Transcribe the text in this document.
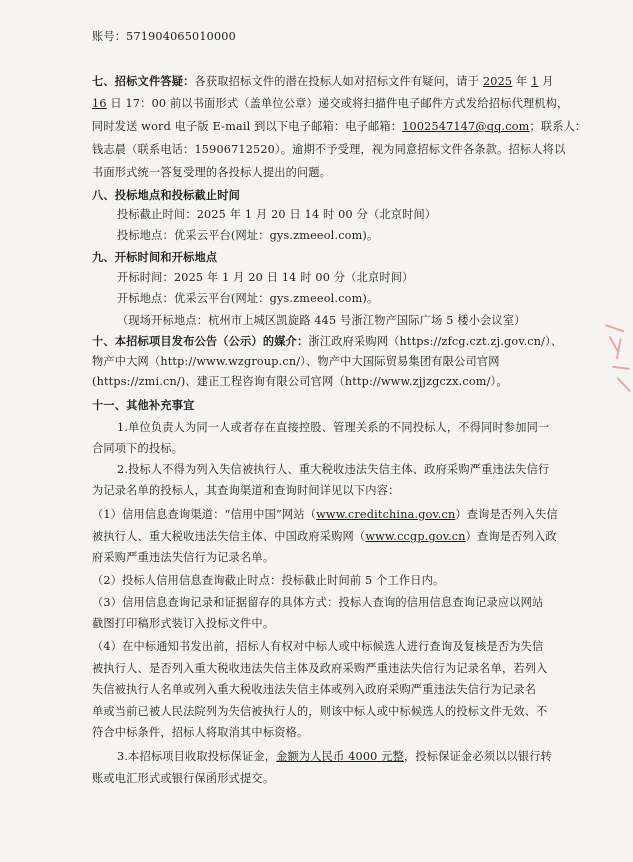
账号：571904065010000
七、招标文件答疑：各获取招标文件的潜在投标人如对招标文件有疑问，请于 2025 年 1 月
16 日 17：00 前以书面形式（盖单位公章）递交或将扫描件电子邮件方式发给招标代理机构，
同时发送 word 电子版 E-mail 到以下电子邮箱：电子邮箱：1002547147@qq.com；联系人：
钱志晨（联系电话：15906712520）。逾期不予受理，视为同意招标文件各条款。招标人将以
书面形式统一答复受理的各投标人提出的问题。
八、投标地点和投标截止时间
投标截止时间：2025 年 1 月 20 日 14 时 00 分（北京时间）
投标地点：优采云平台(网址：gys.zmeeol.com)。
九、开标时间和开标地点
开标时间：2025 年 1 月 20 日 14 时 00 分（北京时间）
开标地点：优采云平台(网址：gys.zmeeol.com)。
（现场开标地点：杭州市上城区凯旋路 445 号浙江物产国际广场 5 楼小会议室）
十、本招标项目发布公告（公示）的媒介：浙江政府采购网（https://zfcg.czt.zj.gov.cn/）、
物产中大网（http://www.wzgroup.cn/）、物产中大国际贸易集团有限公司官网
(https://zmi.cn/)、建正工程咨询有限公司官网（http://www.zjjzgczx.com/）。
十一、其他补充事宜
1.单位负责人为同一人或者存在直接控股、管理关系的不同投标人，不得同时参加同一
合同项下的投标。
2.投标人不得为列入失信被执行人、重大税收违法失信主体、政府采购严重违法失信行
为记录名单的投标人，其查询渠道和查询时间详见以下内容：
（1）信用信息查询渠道：“信用中国”网站（www.creditchina.gov.cn）查询是否列入失信
被执行人、重大税收违法失信主体、中国政府采购网（www.ccgp.gov.cn）查询是否列入政
府采购严重违法失信行为记录名单。
（2）投标人信用信息查询截止时点：投标截止时间前 5 个工作日内。
（3）信用信息查询记录和证据留存的具体方式：投标人查询的信用信息查询记录应以网站
截图打印稿形式装订入投标文件中。
（4）在中标通知书发出前，招标人有权对中标人或中标候选人进行查询及复核是否为失信
被执行人、是否列入重大税收违法失信主体及政府采购严重违法失信行为记录名单，若列入
失信被执行人名单或列入重大税收违法失信主体或列入政府采购严重违法失信行为记录名
单或当前已被人民法院列为失信被执行人的，则该中标人或中标候选人的投标文件无效、不
符合中标条件，招标人将取消其中标资格。
3.本招标项目收取投标保证金，金额为人民币 4000 元整，投标保证金必须以以银行转
账或电汇形式或银行保函形式提交。
